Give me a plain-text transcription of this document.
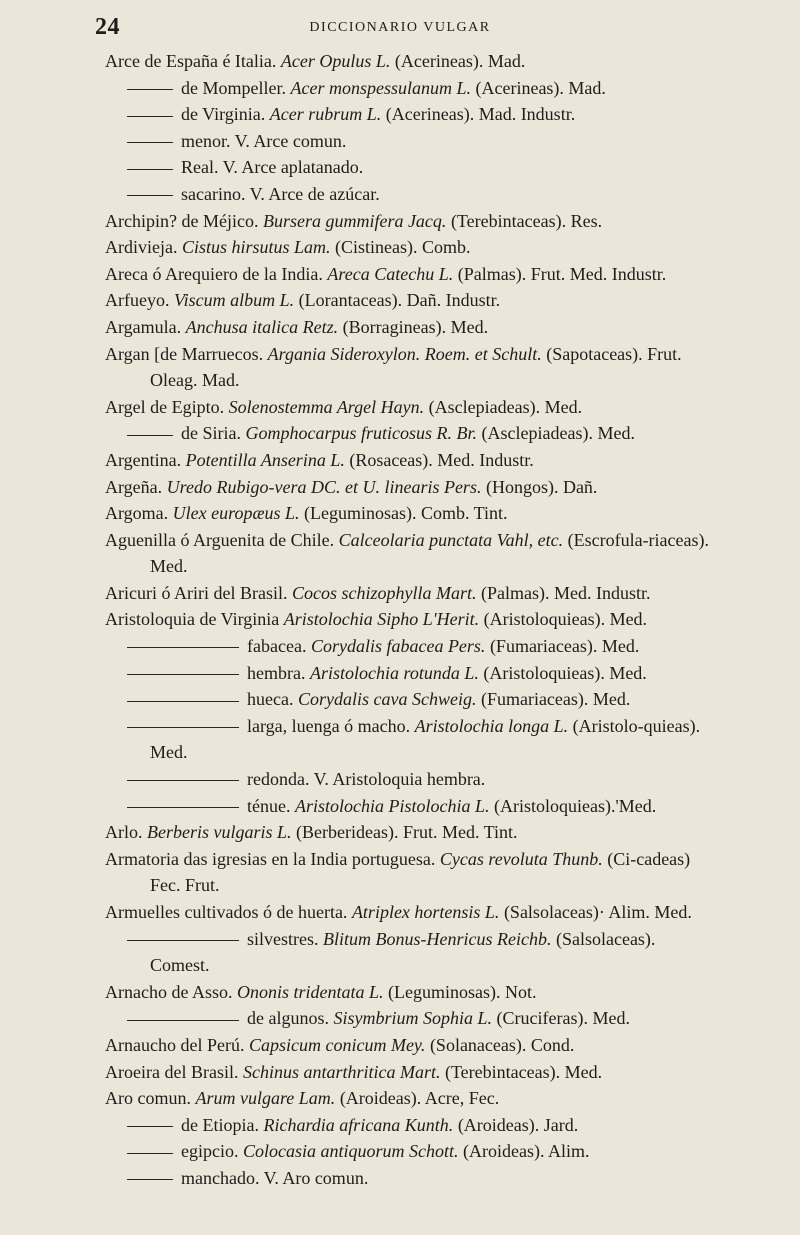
24	DICCIONARIO VULGAR
Arce de España é Italia. Acer Opulus L. (Acerineas). Mad.
de Mompeller. Acer monspessulanum L. (Acerineas). Mad.
de Virginia. Acer rubrum L. (Acerineas). Mad. Industr.
menor. V. Arce comun.
Real. V. Arce aplatanado.
sacarino. V. Arce de azúcar.
Archipin? de Méjico. Bursera gummifera Jacq. (Terebintaceas). Res.
Ardivieja. Cistus hirsutus Lam. (Cistineas). Comb.
Areca ó Arequiero de la India. Areca Catechu L. (Palmas). Frut. Med. Industr.
Arfueyo. Viscum album L. (Lorantaceas). Dañ. Industr.
Argamula. Anchusa italica Retz. (Borragineas). Med.
Argan [de Marruecos. Argania Sideroxylon. Roem. et Schult. (Sapotaceas). Frut. Oleag. Mad.
Argel de Egipto. Solenostemma Argel Hayn. (Asclepiadeas). Med.
de Siria. Gomphocarpus fruticosus R. Br. (Asclepiadeas). Med.
Argentina. Potentilla Anserina L. (Rosaceas). Med. Industr.
Argeña. Uredo Rubigo-vera DC. et U. linearis Pers. (Hongos). Dañ.
Argoma. Ulex europæus L. (Leguminosas). Comb. Tint.
Aguenilla ó Arguenita de Chile. Calceolaria punctata Vahl, etc. (Escrofula-riaceas). Med.
Aricuri ó Ariri del Brasil. Cocos schizophylla Mart. (Palmas). Med. Industr.
Aristoloquia de Virginia Aristolochia Sipho L'Herit. (Aristoloquieas). Med.
fabacea. Corydalis fabacea Pers. (Fumariaceas). Med.
hembra. Aristolochia rotunda L. (Aristoloquieas). Med.
hueca. Corydalis cava Schweig. (Fumariaceas). Med.
larga, luenga ó macho. Aristolochia longa L. (Aristolo-quieas). Med.
redonda. V. Aristoloquia hembra.
ténue. Aristolochia Pistolochia L. (Aristoloquieas).'Med.
Arlo. Berberis vulgaris L. (Berberideas). Frut. Med. Tint.
Armatoria das igresias en la India portuguesa. Cycas revoluta Thunb. (Ci-cadeas) Fec. Frut.
Armuelles cultivados ó de huerta. Atriplex hortensis L. (Salsolaceas)· Alim. Med.
silvestres. Blitum Bonus-Henricus Reichb. (Salsolaceas). Comest.
Arnacho de Asso. Ononis tridentata L. (Leguminosas). Not.
de algunos. Sisymbrium Sophia L. (Cruciferas). Med.
Arnaucho del Perú. Capsicum conicum Mey. (Solanaceas). Cond.
Aroeira del Brasil. Schinus antarthritica Mart. (Terebintaceas). Med.
Aro comun. Arum vulgare Lam. (Aroideas). Acre, Fec.
de Etiopia. Richardia africana Kunth. (Aroideas). Jard.
egipcio. Colocasia antiquorum Schott. (Aroideas). Alim.
manchado. V. Aro comun.
